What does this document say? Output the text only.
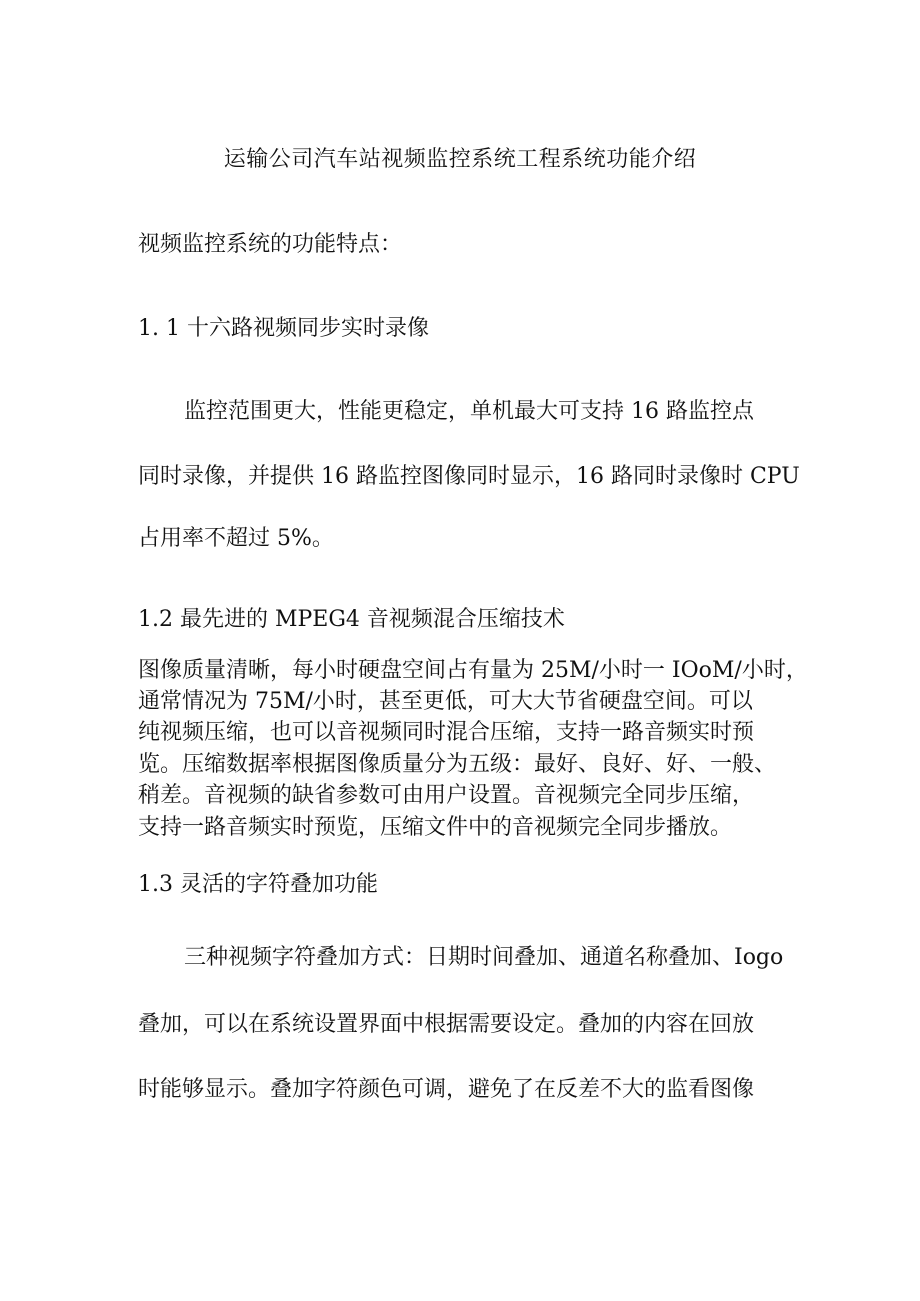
运输公司汽车站视频监控系统工程系统功能介绍

视频监控系统的功能特点：

1. 1 十六路视频同步实时录像

监控范围更大，性能更稳定，单机最大可支持 16 路监控点

同时录像，并提供 16 路监控图像同时显示，16 路同时录像时 CPU

占用率不超过 5%。

1.2 最先进的 MPEG4 音视频混合压缩技术

图像质量清晰，每小时硬盘空间占有量为 25M/小时一 IOoM/小时，

通常情况为 75M/小时，甚至更低，可大大节省硬盘空间。可以

纯视频压缩，也可以音视频同时混合压缩，支持一路音频实时预

览。压缩数据率根据图像质量分为五级：最好、良好、好、一般、

稍差。音视频的缺省参数可由用户设置。音视频完全同步压缩，

支持一路音频实时预览，压缩文件中的音视频完全同步播放。

1.3 灵活的字符叠加功能

三种视频字符叠加方式：日期时间叠加、通道名称叠加、Iogo

叠加，可以在系统设置界面中根据需要设定。叠加的内容在回放

时能够显示。叠加字符颜色可调，避免了在反差不大的监看图像
